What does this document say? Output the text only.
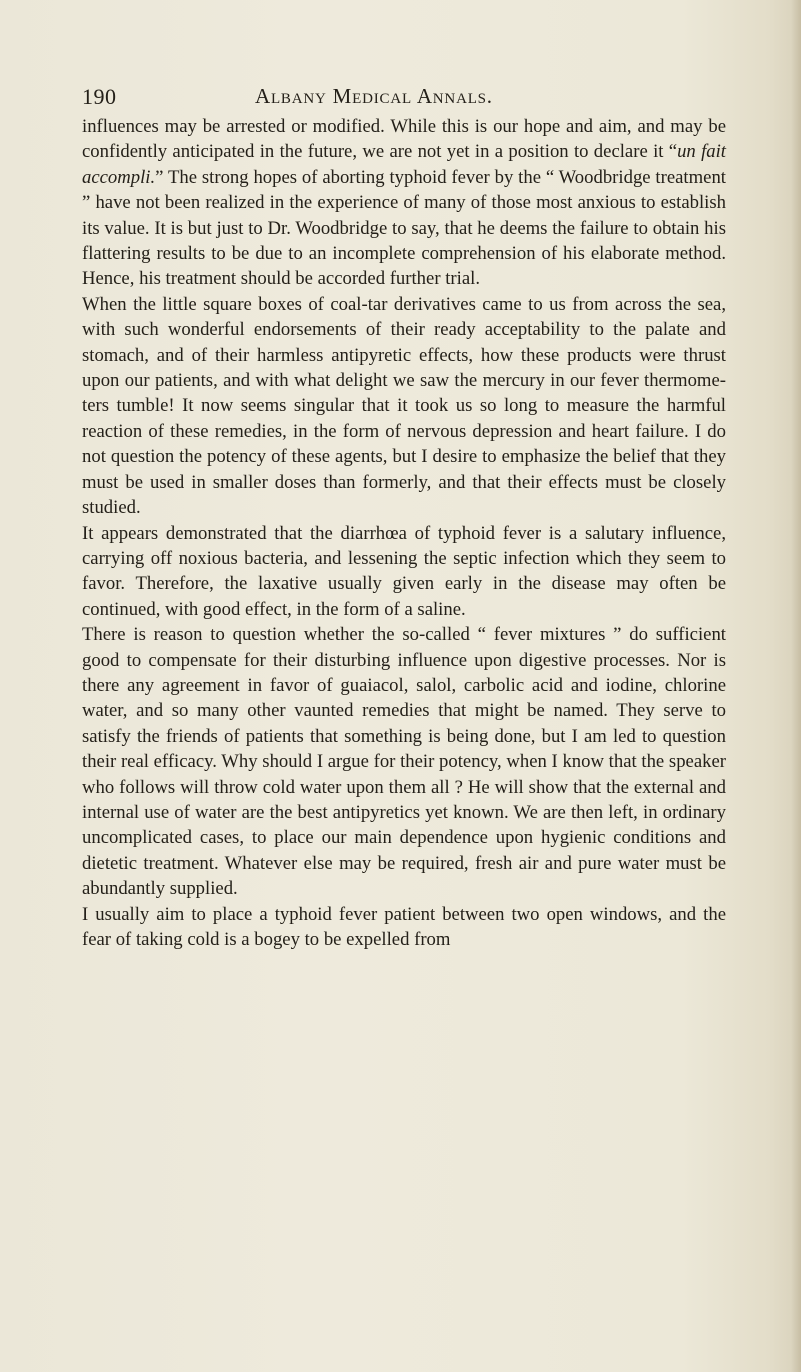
190	Albany Medical Annals.

influences may be arrested or modified. While this is our hope and aim, and may be confidently anticipated in the future, we are not yet in a position to declare it “un fait accompli.” The strong hopes of aborting typhoid fever by the “ Woodbridge treatment ” have not been realized in the experience of many of those most anxious to establish its value. It is but just to Dr. Woodbridge to say, that he deems the failure to obtain his flattering results to be due to an incomplete comprehension of his elaborate method. Hence, his treatment should be accorded further trial.

When the little square boxes of coal-tar derivatives came to us from across the sea, with such wonderful endorsements of their ready acceptability to the palate and stomach, and of their harmless antipyretic effects, how these products were thrust upon our patients, and with what delight we saw the mercury in our fever thermome- ters tumble! It now seems singular that it took us so long to measure the harmful reaction of these remedies, in the form of nervous depression and heart failure. I do not question the potency of these agents, but I desire to emphasize the belief that they must be used in smaller doses than formerly, and that their effects must be closely studied.

It appears demonstrated that the diarrhœa of typhoid fever is a salutary influence, carrying off noxious bacteria, and lessening the septic infection which they seem to favor. Therefore, the laxative usually given early in the disease may often be continued, with good effect, in the form of a saline.

There is reason to question whether the so-called “ fever mixtures ” do sufficient good to compensate for their disturbing influence upon digestive processes. Nor is there any agreement in favor of guaiacol, salol, carbolic acid and iodine, chlorine water, and so many other vaunted remedies that might be named. They serve to satisfy the friends of patients that something is being done, but I am led to question their real efficacy. Why should I argue for their potency, when I know that the speaker who follows will throw cold water upon them all ? He will show that the external and internal use of water are the best antipyretics yet known. We are then left, in ordinary uncomplicated cases, to place our main dependence upon hygienic conditions and dietetic treatment. Whatever else may be required, fresh air and pure water must be abundantly supplied.

I usually aim to place a typhoid fever patient between two open windows, and the fear of taking cold is a bogey to be expelled from
